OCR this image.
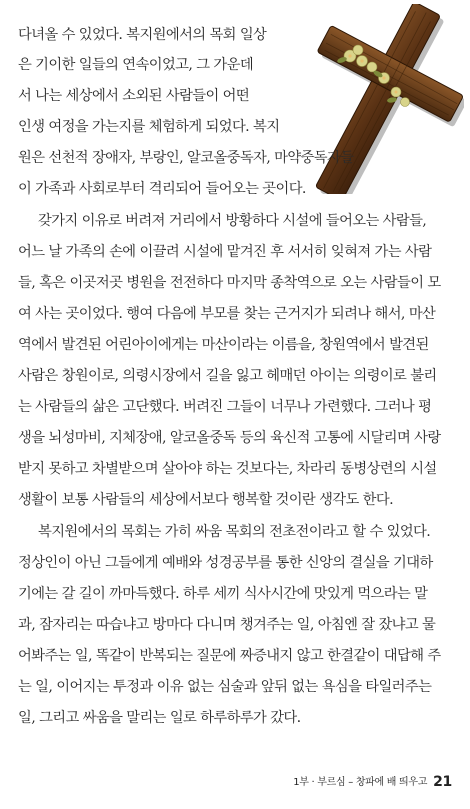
다녀올 수 있었다. 복지원에서의 목회 일상
은 기이한 일들의 연속이었고, 그 가운데
서 나는 세상에서 소외된 사람들이 어떤
인생 여정을 가는지를 체험하게 되었다. 복지
원은 선천적 장애자, 부랑인, 알코올중독자, 마약중독자들
이 가족과 사회로부터 격리되어 들어오는 곳이다.
갖가지 이유로 버려져 거리에서 방황하다 시설에 들어오는 사람들,
어느 날 가족의 손에 이끌려 시설에 맡겨진 후 서서히 잊혀져 가는 사람
들, 혹은 이곳저곳 병원을 전전하다 마지막 종착역으로 오는 사람들이 모
여 사는 곳이었다. 행여 다음에 부모를 찾는 근거지가 되려나 해서, 마산
역에서 발견된 어린아이에게는 마산이라는 이름을, 창원역에서 발견된
사람은 창원이로, 의령시장에서 길을 잃고 헤매던 아이는 의령이로 불리
는 사람들의 삶은 고단했다. 버려진 그들이 너무나 가련했다. 그러나 평
생을 뇌성마비, 지체장애, 알코올중독 등의 육신적 고통에 시달리며 사랑
받지 못하고 차별받으며 살아야 하는 것보다는, 차라리 동병상련의 시설
생활이 보통 사람들의 세상에서보다 행복할 것이란 생각도 한다.
복지원에서의 목회는 가히 싸움 목회의 전초전이라고 할 수 있었다.
정상인이 아닌 그들에게 예배와 성경공부를 통한 신앙의 결실을 기대하
기에는 갈 길이 까마득했다. 하루 세끼 식사시간에 맛있게 먹으라는 말
과, 잠자리는 따습냐고 방마다 다니며 챙겨주는 일, 아침엔 잘 잤냐고 물
어봐주는 일, 똑같이 반복되는 질문에 짜증내지 않고 한결같이 대답해 주
는 일, 이어지는 투정과 이유 없는 심술과 앞뒤 없는 욕심을 타일러주는
일, 그리고 싸움을 말리는 일로 하루하루가 갔다.
1부 · 부르심 – 창파에 배 띄우고 21
